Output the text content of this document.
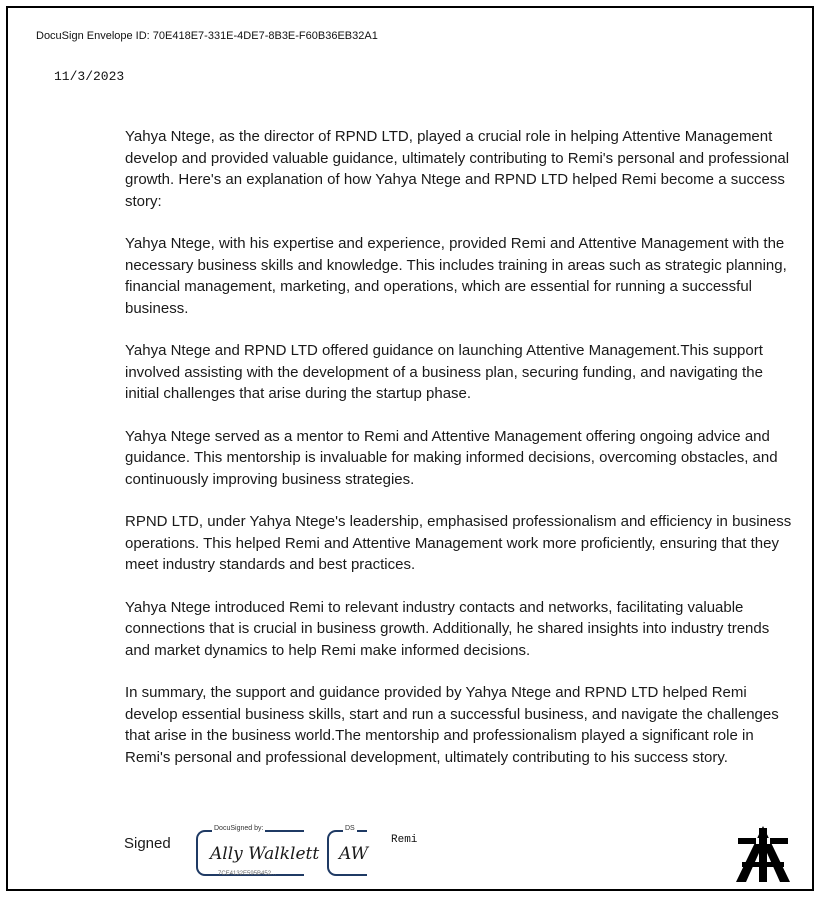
DocuSign Envelope ID: 70E418E7-331E-4DE7-8B3E-F60B36EB32A1
11/3/2023

Yahya Ntege, as the director of RPND LTD, played a crucial role in helping Attentive Management develop and provided valuable guidance, ultimately contributing to Remi's personal and professional growth. Here's an explanation of how Yahya Ntege and RPND LTD helped Remi become a success story:

Yahya Ntege, with his expertise and experience, provided Remi and Attentive Management with the necessary business skills and knowledge. This includes training in areas such as strategic planning, financial management, marketing, and operations, which are essential for running a successful business.

Yahya Ntege and RPND LTD offered guidance on launching Attentive Management.This support involved assisting with the development of a business plan, securing funding, and navigating the initial challenges that arise during the startup phase.

Yahya Ntege served as a mentor to Remi and Attentive Management offering ongoing advice and guidance. This mentorship is invaluable for making informed decisions, overcoming obstacles, and continuously improving business strategies.

RPND LTD, under Yahya Ntege's leadership, emphasised professionalism and efficiency in business operations. This helped Remi and Attentive Management work more proficiently, ensuring that they meet industry standards and best practices.

Yahya Ntege introduced Remi to relevant industry contacts and networks, facilitating valuable connections that is crucial in business growth. Additionally, he shared insights into industry trends and market dynamics to help Remi make informed decisions.

In summary, the support and guidance provided by Yahya Ntege and RPND LTD helped Remi develop essential business skills, start and run a successful business, and navigate the challenges that arise in the business world.The mentorship and professionalism played a significant role in Remi's personal and professional development, ultimately contributing to his success story.

Signed
DocuSigned by:
Ally Walklett
7CE4132E595B452...
DS
AW
Remi
